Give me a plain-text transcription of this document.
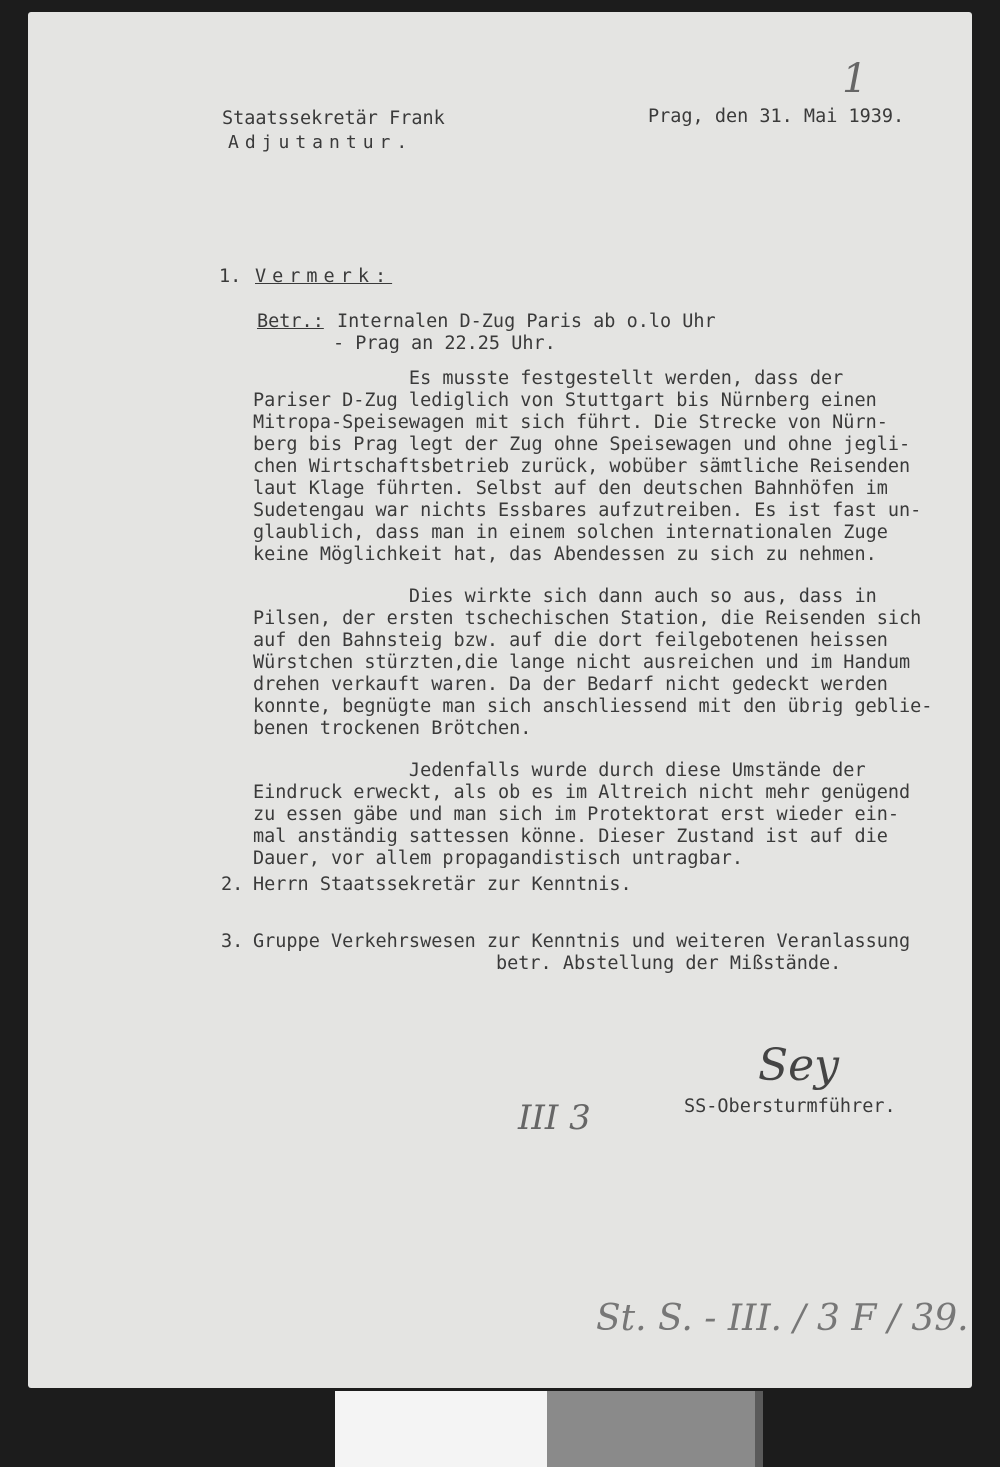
Staatssekretär Frank
Adjutantur.
Prag, den 31. Mai 1939.
1
1. Vermerk:
Betr.: Internalen D-Zug Paris ab o.lo Uhr
- Prag an 22.25 Uhr.
Es musste festgestellt werden, dass der
Pariser D-Zug lediglich von Stuttgart bis Nürnberg einen
Mitropa-Speisewagen mit sich führt. Die Strecke von Nürn-
berg bis Prag legt der Zug ohne Speisewagen und ohne jegli-
chen Wirtschaftsbetrieb zurück, wobüber sämtliche Reisenden
laut Klage führten. Selbst auf den deutschen Bahnhöfen im
Sudetengau war nichts Essbares aufzutreiben. Es ist fast un-
glaublich, dass man in einem solchen internationalen Zuge
keine Möglichkeit hat, das Abendessen zu sich zu nehmen.
Dies wirkte sich dann auch so aus, dass in
Pilsen, der ersten tschechischen Station, die Reisenden sich
auf den Bahnsteig bzw. auf die dort feilgebotenen heissen
Würstchen stürzten,die lange nicht ausreichen und im Handum
drehen verkauft waren. Da der Bedarf nicht gedeckt werden
konnte, begnügte man sich anschliessend mit den übrig geblie-
benen trockenen Brötchen.
Jedenfalls wurde durch diese Umstände der
Eindruck erweckt, als ob es im Altreich nicht mehr genügend
zu essen gäbe und man sich im Protektorat erst wieder ein-
mal anständig sattessen könne. Dieser Zustand ist auf die
Dauer, vor allem propagandistisch untragbar.
2. Herrn Staatssekretär zur Kenntnis.
3. Gruppe Verkehrswesen zur Kenntnis und weiteren Veranlassung
betr. Abstellung der Mißstände.
SS-Obersturmführer.
Sey
III 3
St. S. - III. / 3 F / 39.
